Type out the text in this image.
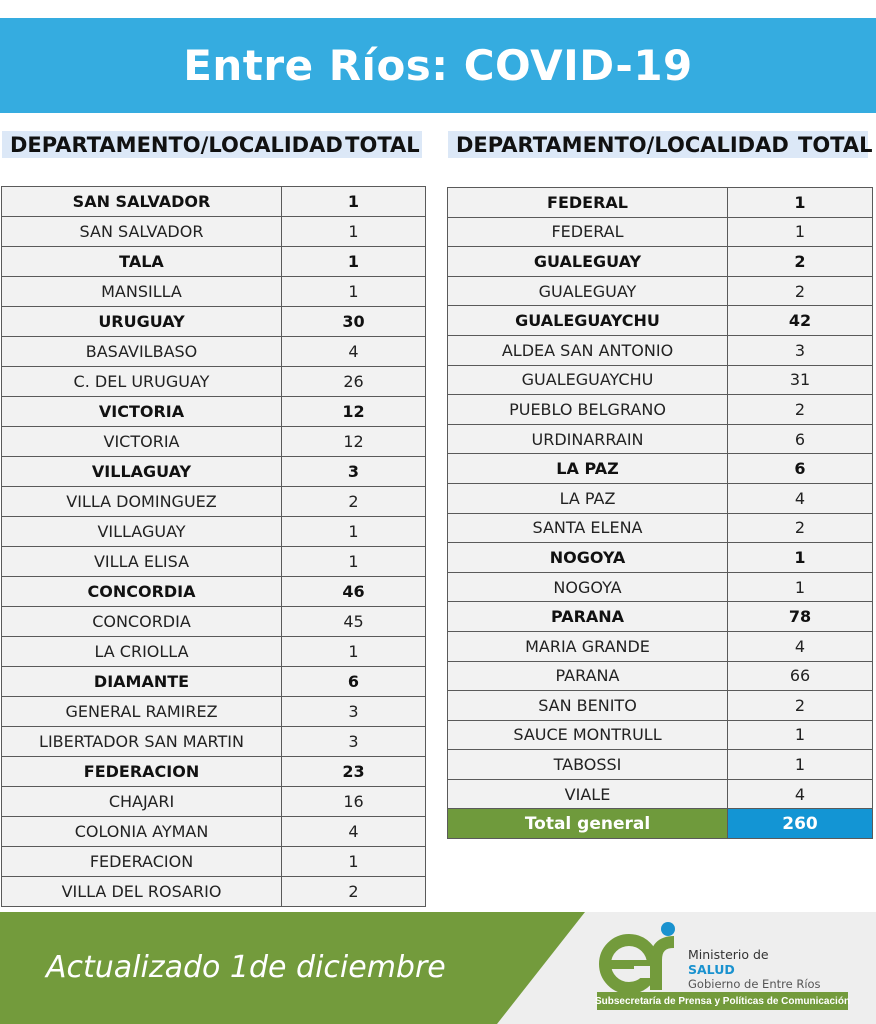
Entre Ríos: COVID-19
DEPARTAMENTO/LOCALIDAD TOTAL	DEPARTAMENTO/LOCALIDAD TOTAL
SAN SALVADOR	1
SAN SALVADOR	1
TALA	1
MANSILLA	1
URUGUAY	30
BASAVILBASO	4
C. DEL URUGUAY	26
VICTORIA	12
VICTORIA	12
VILLAGUAY	3
VILLA DOMINGUEZ	2
VILLAGUAY	1
VILLA ELISA	1
CONCORDIA	46
CONCORDIA	45
LA CRIOLLA	1
DIAMANTE	6
GENERAL RAMIREZ	3
LIBERTADOR SAN MARTIN	3
FEDERACION	23
CHAJARI	16
COLONIA AYMAN	4
FEDERACION	1
VILLA DEL ROSARIO	2
FEDERAL	1
FEDERAL	1
GUALEGUAY	2
GUALEGUAY	2
GUALEGUAYCHU	42
ALDEA SAN ANTONIO	3
GUALEGUAYCHU	31
PUEBLO BELGRANO	2
URDINARRAIN	6
LA PAZ	6
LA PAZ	4
SANTA ELENA	2
NOGOYA	1
NOGOYA	1
PARANA	78
MARIA GRANDE	4
PARANA	66
SAN BENITO	2
SAUCE MONTRULL	1
TABOSSI	1
VIALE	4
Total general	260
Actualizado 1de diciembre	Ministerio de
SALUD
Gobierno de Entre Ríos
Subsecretaría de Prensa y Políticas de Comunicación
